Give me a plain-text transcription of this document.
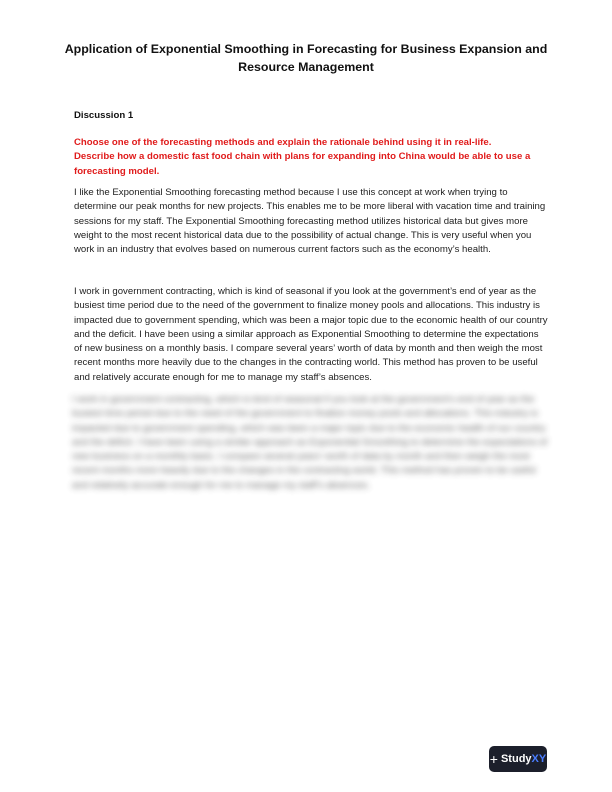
Application of Exponential Smoothing in Forecasting for Business Expansion and Resource Management
Discussion 1

Choose one of the forecasting methods and explain the rationale behind using it in real-life.

Describe how a domestic fast food chain with plans for expanding into China would be able to use a forecasting model.

I like the Exponential Smoothing forecasting method because I use this concept at work when trying to determine our peak months for new projects. This enables me to be more liberal with vacation time and training sessions for my staff. The Exponential Smoothing forecasting method utilizes historical data but gives more weight to the most recent historical data due to the possibility of actual change. This is very useful when you work in an industry that evolves based on numerous current factors such as the economy’s health.
I work in government contracting, which is kind of seasonal if you look at the government’s end of year as the busiest time period due to the need of the government to finalize money pools and allocations. This industry is impacted due to government spending, which was been a major topic due to the economic health of our country and the deficit. I have been using a similar approach as Exponential Smoothing to determine the expectations of new business on a monthly basis. I compare several years’ worth of data by month and then weigh the most recent months more heavily due to the changes in the contracting world. This method has proven to be useful and relatively accurate enough for me to manage my staff’s absences.
I work in government contracting, which is kind of seasonal if you look at the government’s end of year as the busiest time period due to the need of the government to finalize money pools and allocations. This industry is impacted due to government spending, which was been a major topic due to the economic health of our country and the deficit. I have been using a similar approach as Exponential Smoothing to determine the expectations of new business on a monthly basis. I compare several years’ worth of data by month and then weigh the most recent months more heavily due to the changes in the contracting world. This method has proven to be useful and relatively accurate enough for me to manage my staff’s absences.
+ StudyXY
